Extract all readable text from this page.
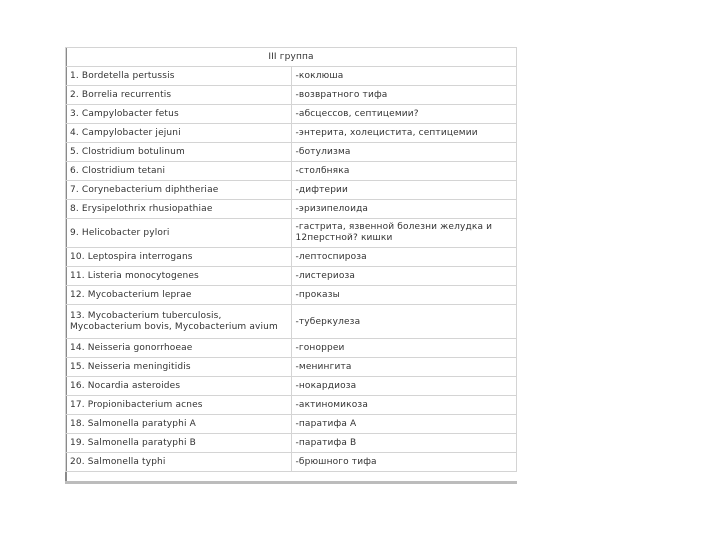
III группа	
1. Bordetella pertussis	-коклюша
2. Borrelia recurrentis	-возвратного тифа
3. Campylobacter fetus	-абсцессов, септицемии?
4. Campylobacter jejuni	-энтерита, холецистита, септицемии
5. Clostridium botulinum	-ботулизма
6. Clostridium tetani	-столбняка
7. Corynebacterium diphtheriae	-дифтерии
8. Erysipelothrix rhusiopathiae	-эризипелоида
9. Helicobacter pylori	-гастрита, язвенной болезни желудка и 12перстной? кишки
10. Leptospira interrogans	-лептоспироза
11. Listeria monocytogenes	-листериоза
12. Mycobacterium leprae	-проказы
13. Mycobacterium tuberculosis, Mycobacterium bovis, Mycobacterium avium	-туберкулеза
14. Neisseria gonorrhoeae	-гонорреи
15. Neisseria meningitidis	-менингита
16. Nocardia asteroides	-нокардиоза
17. Propionibacterium acnes	-актиномикоза
18. Salmonella paratyphi A	-паратифа A
19. Salmonella paratyphi B	-паратифа B
20. Salmonella typhi	-брюшного тифа
